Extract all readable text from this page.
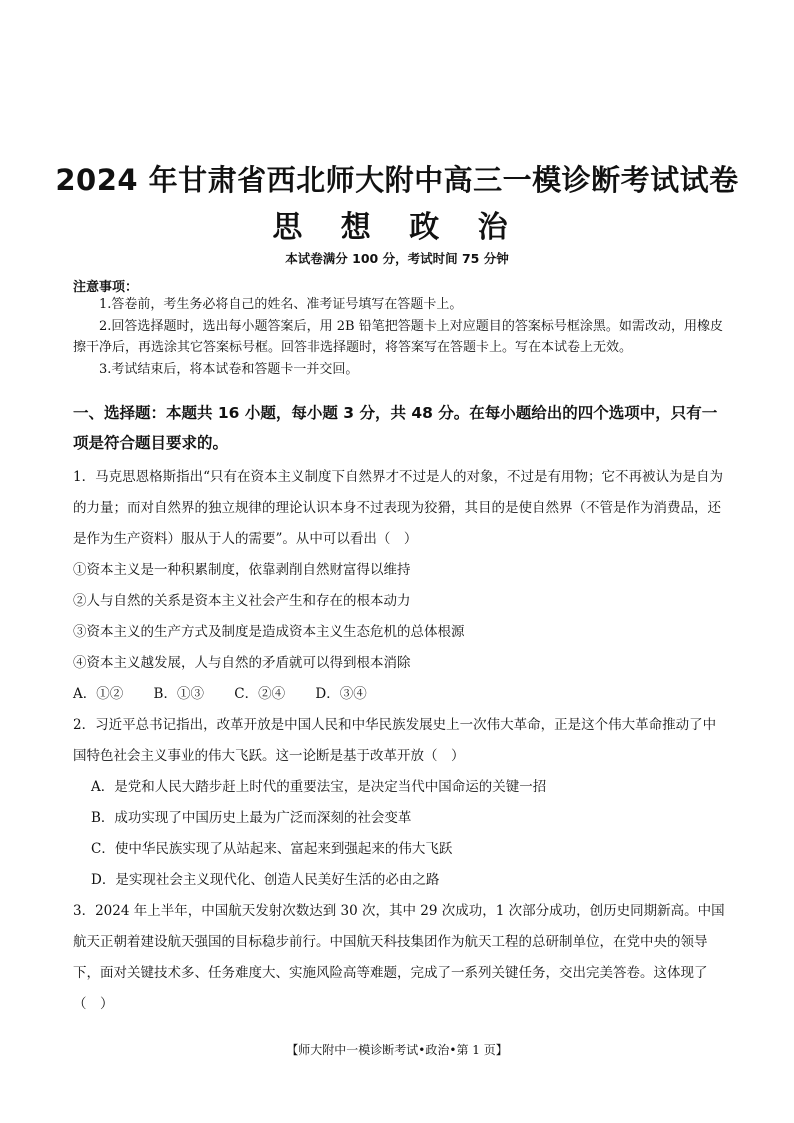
2024 年甘肃省西北师大附中高三一模诊断考试试卷
思 想 政 治
本试卷满分 100 分，考试时间 75 分钟
注意事项：

1.答卷前，考生务必将自己的姓名、准考证号填写在答题卡上。

2.回答选择题时，选出每小题答案后，用 2B 铅笔把答题卡上对应题目的答案标号框涂黑。如需改动，用橡皮擦干净后，再选涂其它答案标号框。回答非选择题时，将答案写在答题卡上。写在本试卷上无效。

3.考试结束后，将本试卷和答题卡一并交回。

一、选择题：本题共 16 小题，每小题 3 分，共 48 分。在每小题给出的四个选项中，只有一项是符合题目要求的。

1．马克思恩格斯指出“只有在资本主义制度下自然界才不过是人的对象，不过是有用物；它不再被认为是自为的力量；而对自然界的独立规律的理论认识本身不过表现为狡猾，其目的是使自然界（不管是作为消费品，还是作为生产资料）服从于人的需要”。从中可以看出（　）

①资本主义是一种积累制度，依靠剥削自然财富得以维持

②人与自然的关系是资本主义社会产生和存在的根本动力

③资本主义的生产方式及制度是造成资本主义生态危机的总体根源

④资本主义越发展，人与自然的矛盾就可以得到根本消除

A．①② B．①③ C．②④ D．③④

2．习近平总书记指出，改革开放是中国人民和中华民族发展史上一次伟大革命，正是这个伟大革命推动了中国特色社会主义事业的伟大飞跃。这一论断是基于改革开放（　）

A．是党和人民大踏步赶上时代的重要法宝，是决定当代中国命运的关键一招

B．成功实现了中国历史上最为广泛而深刻的社会变革

C．使中华民族实现了从站起来、富起来到强起来的伟大飞跃

D．是实现社会主义现代化、创造人民美好生活的必由之路

3．2024 年上半年，中国航天发射次数达到 30 次，其中 29 次成功，1 次部分成功，创历史同期新高。中国航天正朝着建设航天强国的目标稳步前行。中国航天科技集团作为航天工程的总研制单位，在党中央的领导下，面对关键技术多、任务难度大、实施风险高等难题，完成了一系列关键任务，交出完美答卷。这体现了（　）

【师大附中一模诊断考试•政治•第 1 页】
